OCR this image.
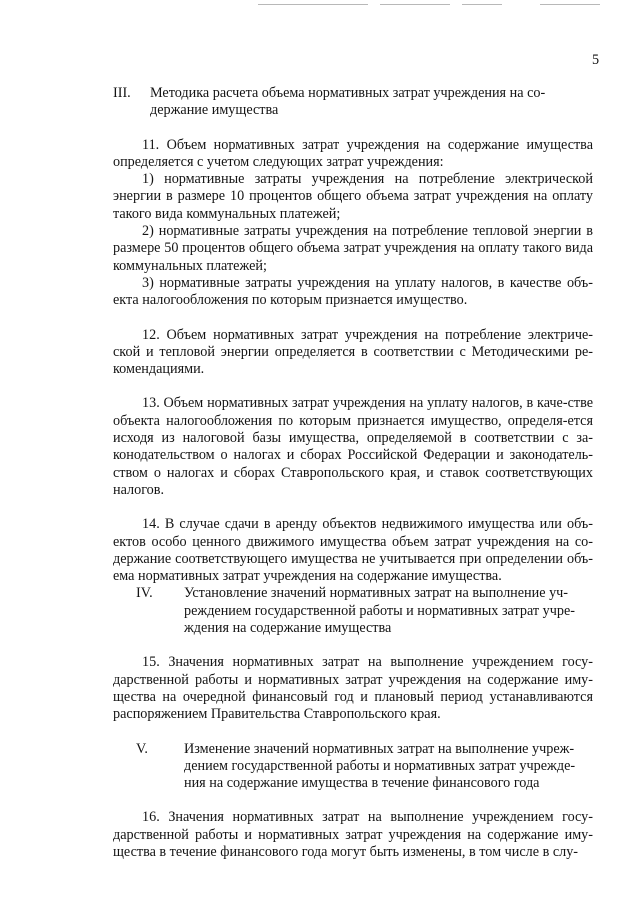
5
III.	Методика расчета объема нормативных затрат учреждения на со-держание имущества

11. Объем нормативных затрат учреждения на содержание имущества определяется с учетом следующих затрат учреждения:

1) нормативные затраты учреждения на потребление электрической энергии в размере 10 процентов общего объема затрат учреждения на оплату такого вида коммунальных платежей;

2) нормативные затраты учреждения на потребление тепловой энергии в размере 50 процентов общего объема затрат учреждения на оплату такого вида коммунальных платежей;

3) нормативные затраты учреждения на уплату налогов, в качестве объ-екта налогообложения по которым признается имущество.

12. Объем нормативных затрат учреждения на потребление электриче-ской и тепловой энергии определяется в соответствии с Методическими ре-комендациями.

13. Объем нормативных затрат учреждения на уплату налогов, в каче-стве объекта налогообложения по которым признается имущество, определя-ется исходя из налоговой базы имущества, определяемой в соответствии с за-конодательством о налогах и сборах Российской Федерации и законодатель-ством о налогах и сборах Ставропольского края, и ставок соответствующих налогов.

14. В случае сдачи в аренду объектов недвижимого имущества или объ-ектов особо ценного движимого имущества объем затрат учреждения на со-держание соответствующего имущества не учитывается при определении объ-ема нормативных затрат учреждения на содержание имущества.

IV.	Установление значений нормативных затрат на выполнение уч-реждением государственной работы и нормативных затрат учре-ждения на содержание имущества

15. Значения нормативных затрат на выполнение учреждением госу-дарственной работы и нормативных затрат учреждения на содержание иму-щества на очередной финансовый год и плановый период устанавливаются распоряжением Правительства Ставропольского края.

V.	Изменение значений нормативных затрат на выполнение учреж-дением государственной работы и нормативных затрат учрежде-ния на содержание имущества в течение финансового года

16. Значения нормативных затрат на выполнение учреждением госу-дарственной работы и нормативных затрат учреждения на содержание иму-щества в течение финансового года могут быть изменены, в том числе в слу-
